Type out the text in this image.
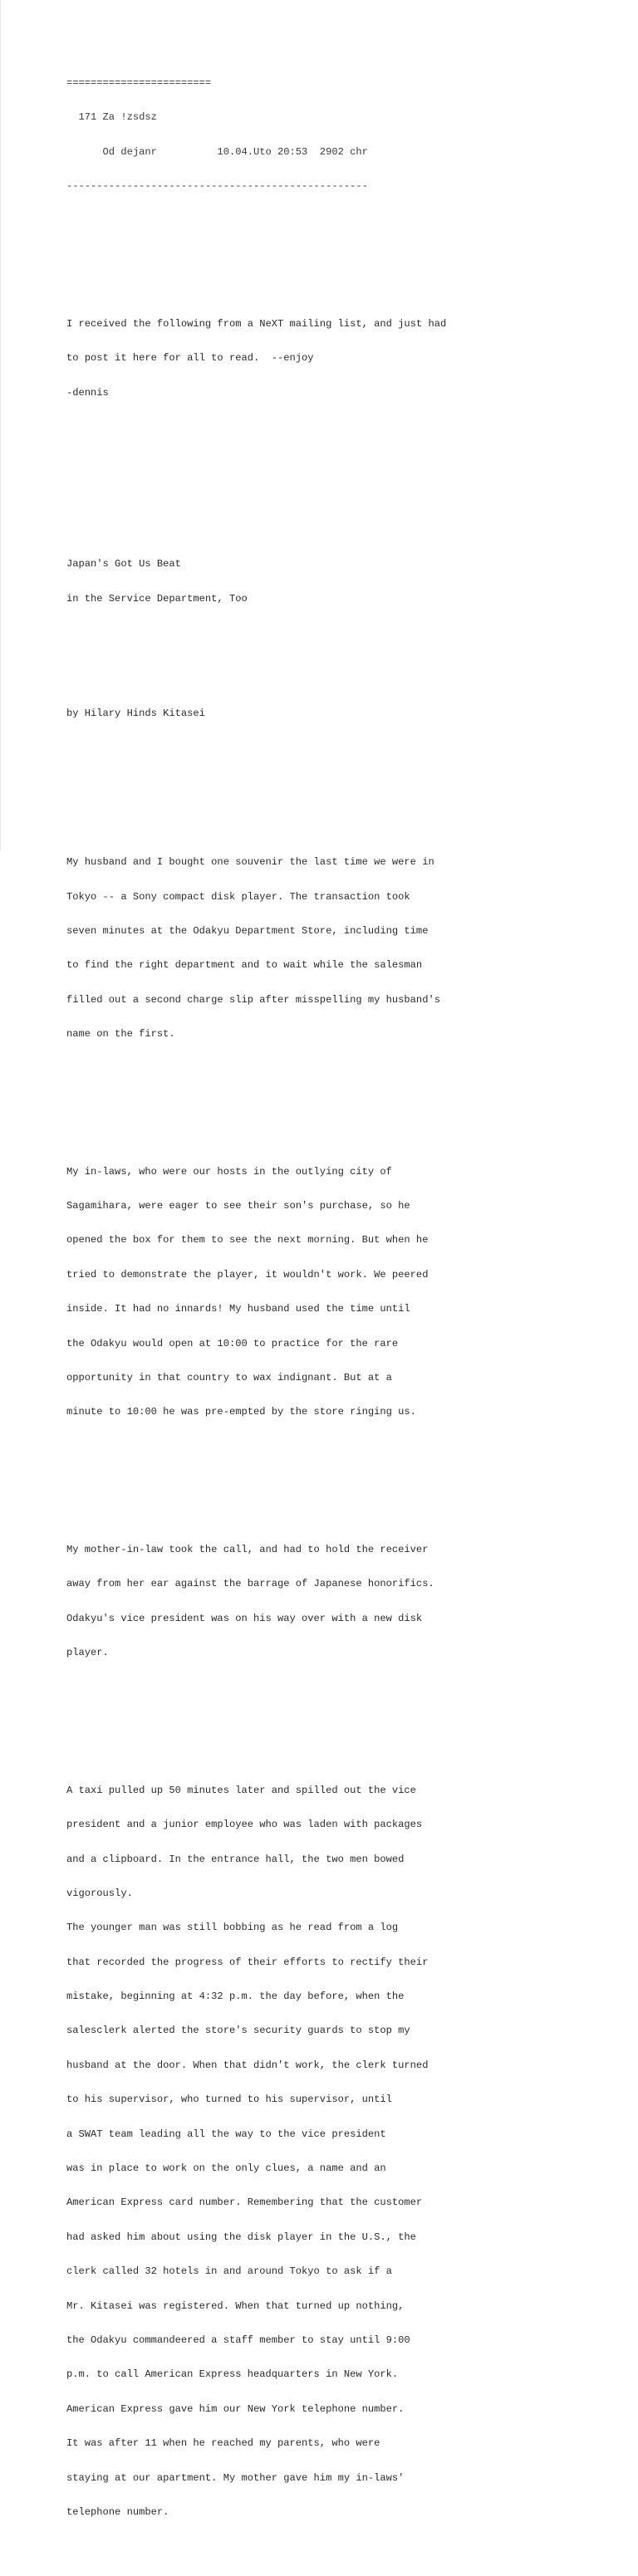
========================

171 Za !zsdsz

Od dejanr          10.04.Uto 20:53  2902 chr

--------------------------------------------------

I received the following from a NeXT mailing list, and just had

to post it here for all to read.  --enjoy

-dennis

Japan's Got Us Beat

in the Service Department, Too

by Hilary Hinds Kitasei

My husband and I bought one souvenir the last time we were in

Tokyo -- a Sony compact disk player. The transaction took

seven minutes at the Odakyu Department Store, including time

to find the right department and to wait while the salesman

filled out a second charge slip after misspelling my husband's

name on the first.

My in-laws, who were our hosts in the outlying city of

Sagamihara, were eager to see their son's purchase, so he

opened the box for them to see the next morning. But when he

tried to demonstrate the player, it wouldn't work. We peered

inside. It had no innards! My husband used the time until

the Odakyu would open at 10:00 to practice for the rare

opportunity in that country to wax indignant. But at a

minute to 10:00 he was pre-empted by the store ringing us.

My mother-in-law took the call, and had to hold the receiver

away from her ear against the barrage of Japanese honorifics.

Odakyu's vice president was on his way over with a new disk

player.

A taxi pulled up 50 minutes later and spilled out the vice

president and a junior employee who was laden with packages

and a clipboard. In the entrance hall, the two men bowed

vigorously.

The younger man was still bobbing as he read from a log

that recorded the progress of their efforts to rectify their

mistake, beginning at 4:32 p.m. the day before, when the

salesclerk alerted the store's security guards to stop my

husband at the door. When that didn't work, the clerk turned

to his supervisor, who turned to his supervisor, until

a SWAT team leading all the way to the vice president

was in place to work on the only clues, a name and an

American Express card number. Remembering that the customer

had asked him about using the disk player in the U.S., the

clerk called 32 hotels in and around Tokyo to ask if a

Mr. Kitasei was registered. When that turned up nothing,

the Odakyu commandeered a staff member to stay until 9:00

p.m. to call American Express headquarters in New York.

American Express gave him our New York telephone number.

It was after 11 when he reached my parents, who were

staying at our apartment. My mother gave him my in-laws'

telephone number.
